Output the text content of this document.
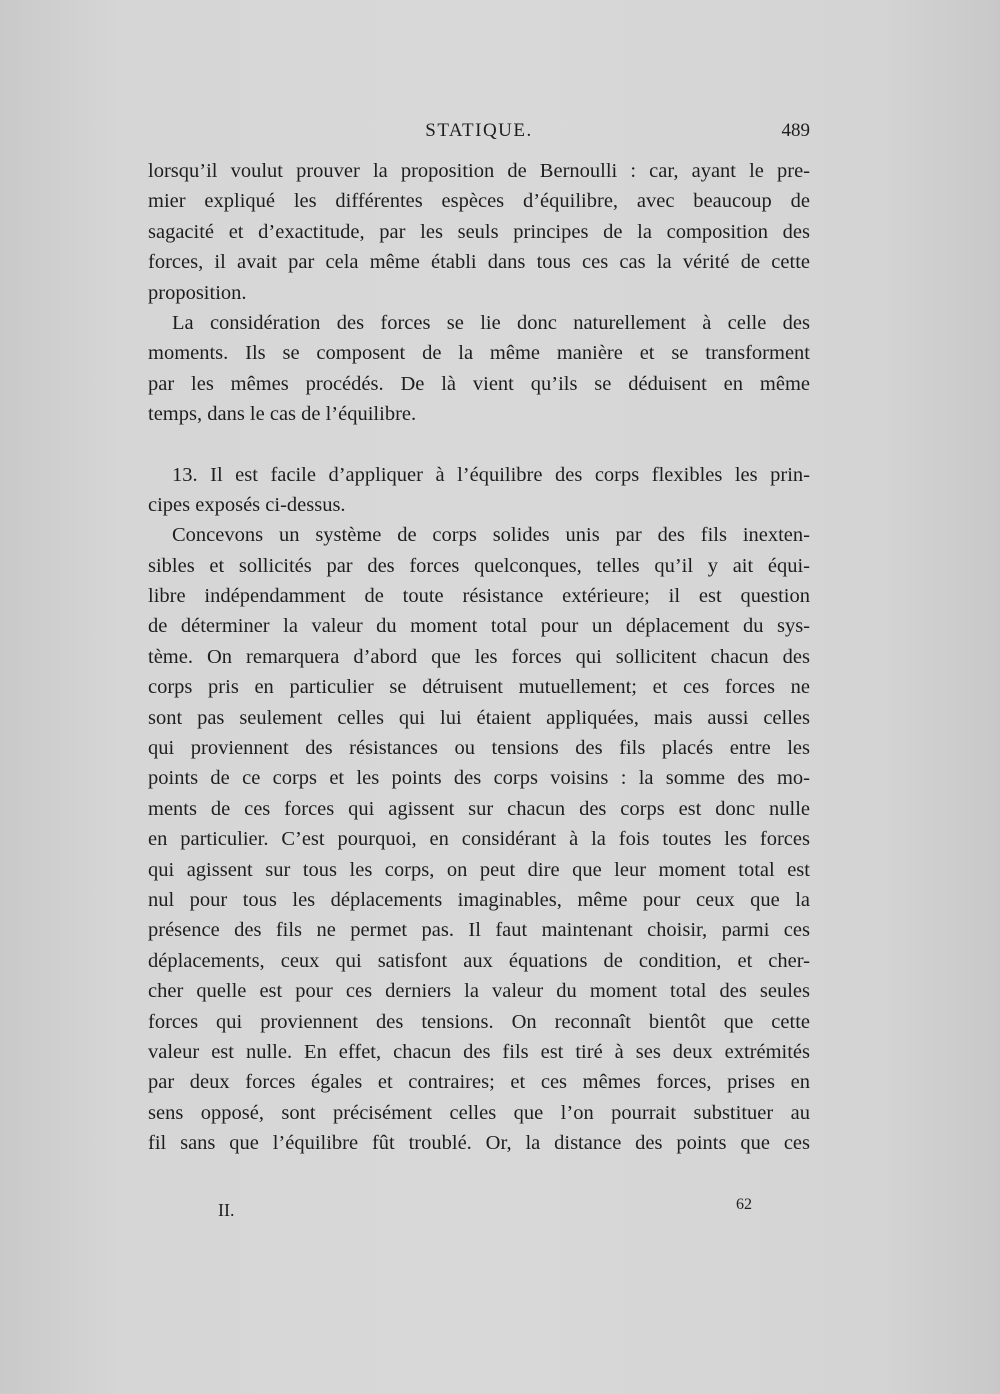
STATIQUE.	489
lorsqu’il voulut prouver la proposition de Bernoulli : car, ayant le pre-
mier expliqué les différentes espèces d’équilibre, avec beaucoup de
sagacité et d’exactitude, par les seuls principes de la composition des
forces, il avait par cela même établi dans tous ces cas la vérité de cette
proposition.
La considération des forces se lie donc naturellement à celle des
moments. Ils se composent de la même manière et se transforment
par les mêmes procédés. De là vient qu’ils se déduisent en même
temps, dans le cas de l’équilibre.
13. Il est facile d’appliquer à l’équilibre des corps flexibles les prin-
cipes exposés ci-dessus.
Concevons un système de corps solides unis par des fils inexten-
sibles et sollicités par des forces quelconques, telles qu’il y ait équi-
libre indépendamment de toute résistance extérieure; il est question
de déterminer la valeur du moment total pour un déplacement du sys-
tème. On remarquera d’abord que les forces qui sollicitent chacun des
corps pris en particulier se détruisent mutuellement; et ces forces ne
sont pas seulement celles qui lui étaient appliquées, mais aussi celles
qui proviennent des résistances ou tensions des fils placés entre les
points de ce corps et les points des corps voisins : la somme des mo-
ments de ces forces qui agissent sur chacun des corps est donc nulle
en particulier. C’est pourquoi, en considérant à la fois toutes les forces
qui agissent sur tous les corps, on peut dire que leur moment total est
nul pour tous les déplacements imaginables, même pour ceux que la
présence des fils ne permet pas. Il faut maintenant choisir, parmi ces
déplacements, ceux qui satisfont aux équations de condition, et cher-
cher quelle est pour ces derniers la valeur du moment total des seules
forces qui proviennent des tensions. On reconnaît bientôt que cette
valeur est nulle. En effet, chacun des fils est tiré à ses deux extrémités
par deux forces égales et contraires; et ces mêmes forces, prises en
sens opposé, sont précisément celles que l’on pourrait substituer au
fil sans que l’équilibre fût troublé. Or, la distance des points que ces
II.	62
